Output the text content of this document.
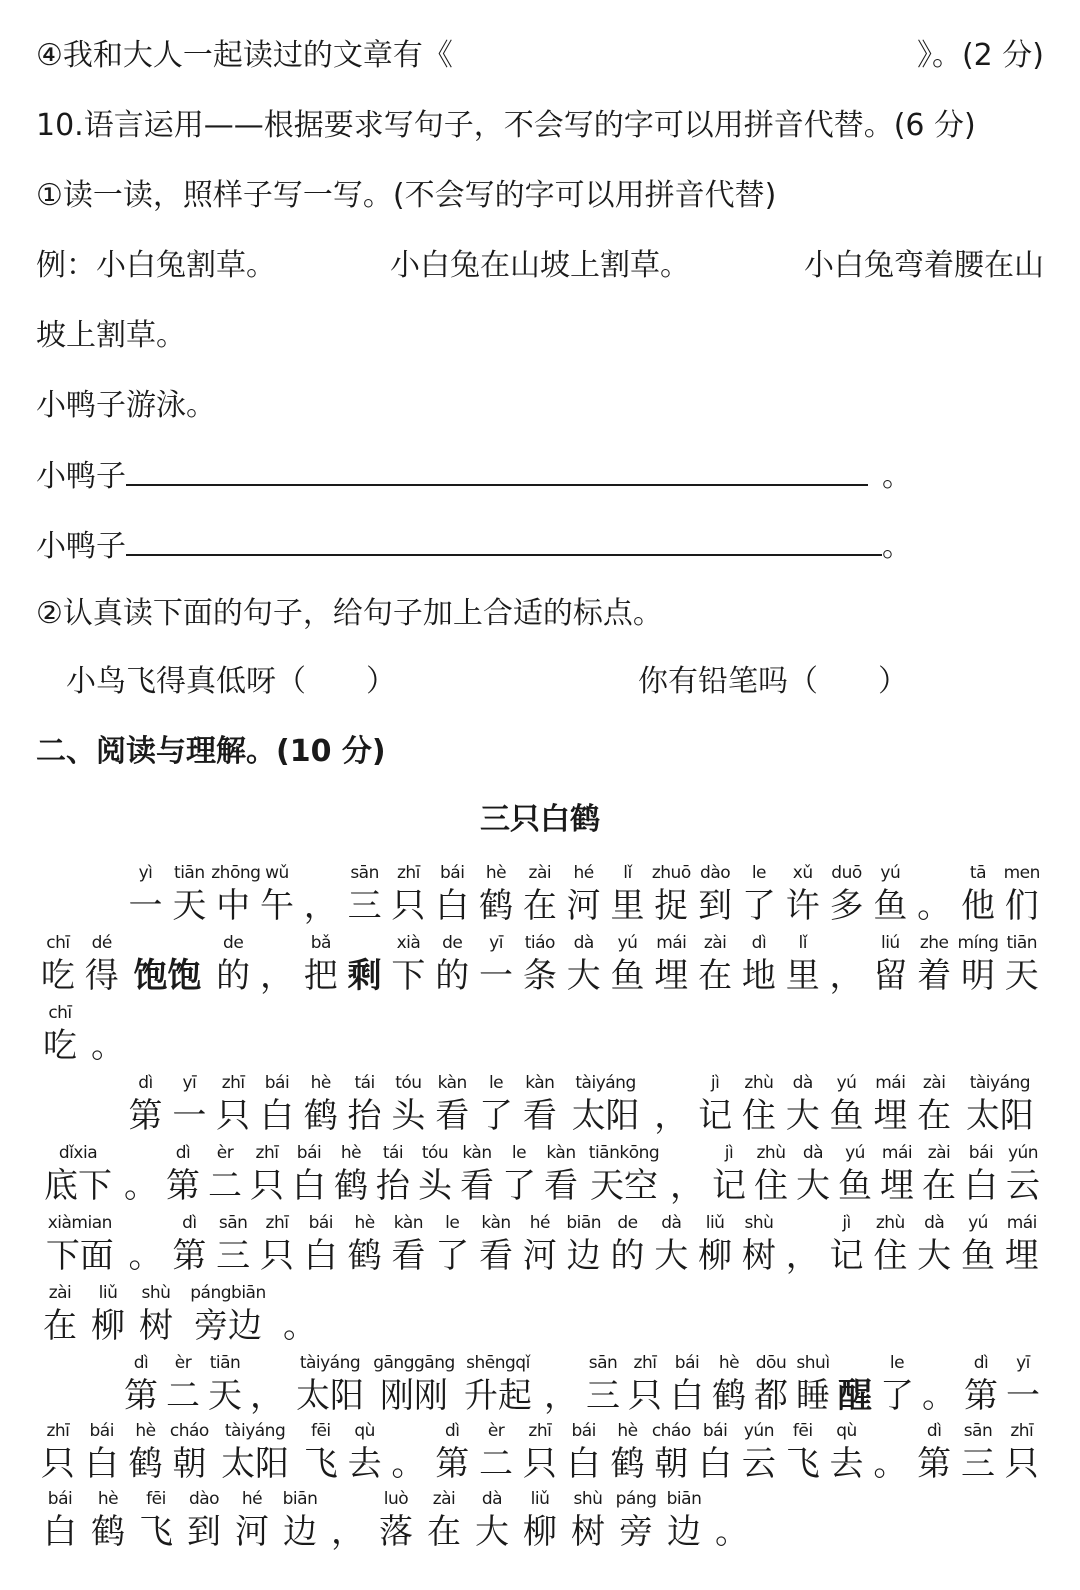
④我和大人一起读过的文章有《	》。(2 分)
10.语言运用——根据要求写句子，不会写的字可以用拼音代替。(6 分)
①读一读，照样子写一写。(不会写的字可以用拼音代替)
例：小白兔割草。	小白兔在山坡上割草。	小白兔弯着腰在山
坡上割草。
小鸭子游泳。
小鸭子	。
小鸭子	。
②认真读下面的句子，给句子加上合适的标点。
小鸟飞得真低呀（ ）	你有铅笔吗（ ）
二、阅读与理解。(10 分)
三只白鹤

yì
一
tiān
天
zhōng
中
wǔ
午 ，
sān
三
zhī
只
bái
白
hè
鹤
zài
在
hé
河
lǐ
里
zhuō
捉
dào
到
le
了
xǔ
许
duō
多
yú
鱼 。
tā
他
men
们
chī
吃
dé
得 饱饱
de
的 ，
bǎ
把 剩
xià
下
de
的
yī
一
tiáo
条
dà
大
yú
鱼
mái
埋
zài
在
dì
地
lǐ
里 ，
liú
留
zhe
着
míng
明
tiān
天
chī
吃 。

dì
第
yī
一
zhī
只
bái
白
hè
鹤
tái
抬
tóu
头
kàn
看
le
了
kàn
看
tàiyáng
太阳 ，
jì
记
zhù
住
dà
大
yú
鱼
mái
埋
zài
在
tàiyáng
太阳
dǐxia
底下 。
dì
第
èr
二
zhī
只
bái
白
hè
鹤
tái
抬
tóu
头
kàn
看
le
了
kàn
看
tiānkōng
天空 ，
jì
记
zhù
住
dà
大
yú
鱼
mái
埋
zài
在
bái
白
yún
云
xiàmian
下面 。
dì
第
sān
三
zhī
只
bái
白
hè
鹤
kàn
看
le
了
kàn
看
hé
河
biān
边
de
的
dà
大
liǔ
柳
shù
树 ，
jì
记
zhù
住
dà
大
yú
鱼
mái
埋
zài
在
liǔ
柳
shù
树
pángbiān
旁边 。

dì
第
èr
二
tiān
天 ，
tàiyáng
太阳
gānggāng
刚刚
shēngqǐ
升起 ，
sān
三
zhī
只
bái
白
hè
鹤
dōu
都
shuì
睡 醒
le
了 。
dì
第
yī
一
zhī
只
bái
白
hè
鹤
cháo
朝
tàiyáng
太阳
fēi
飞
qù
去 。
dì
第
èr
二
zhī
只
bái
白
hè
鹤
cháo
朝
bái
白
yún
云
fēi
飞
qù
去 。
dì
第
sān
三
zhī
只
bái
白
hè
鹤
fēi
飞
dào
到
hé
河
biān
边 ，
luò
落
zài
在
dà
大
liǔ
柳
shù
树
páng
旁
biān
边 。
